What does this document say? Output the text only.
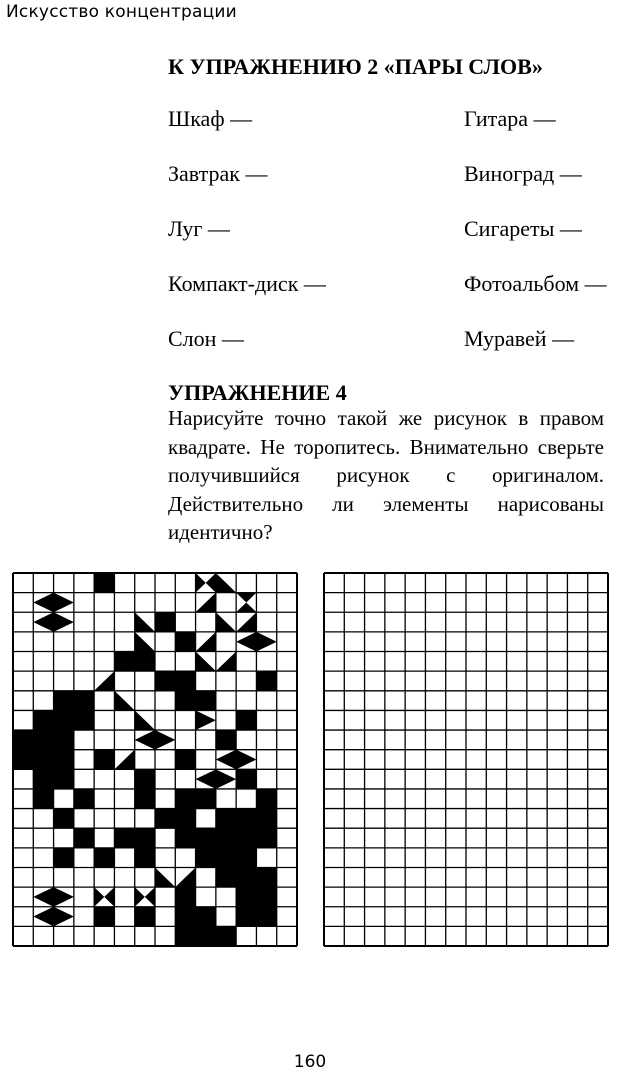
Искусство концентрации
К УПРАЖНЕНИЮ 2 «ПАРЫ СЛОВ»
Шкаф —	Гитара —
Завтрак —	Виноград —
Луг —	Сигареты —
Компакт-диск —	Фотоальбом —
Слон —	Муравей —
УПРАЖНЕНИЕ 4
Нарисуйте точно такой же рисунок в правом квадрате. Не торопитесь. Внимательно сверьте получившийся рисунок с оригиналом. Действительно ли элементы нарисованы идентично?
160
